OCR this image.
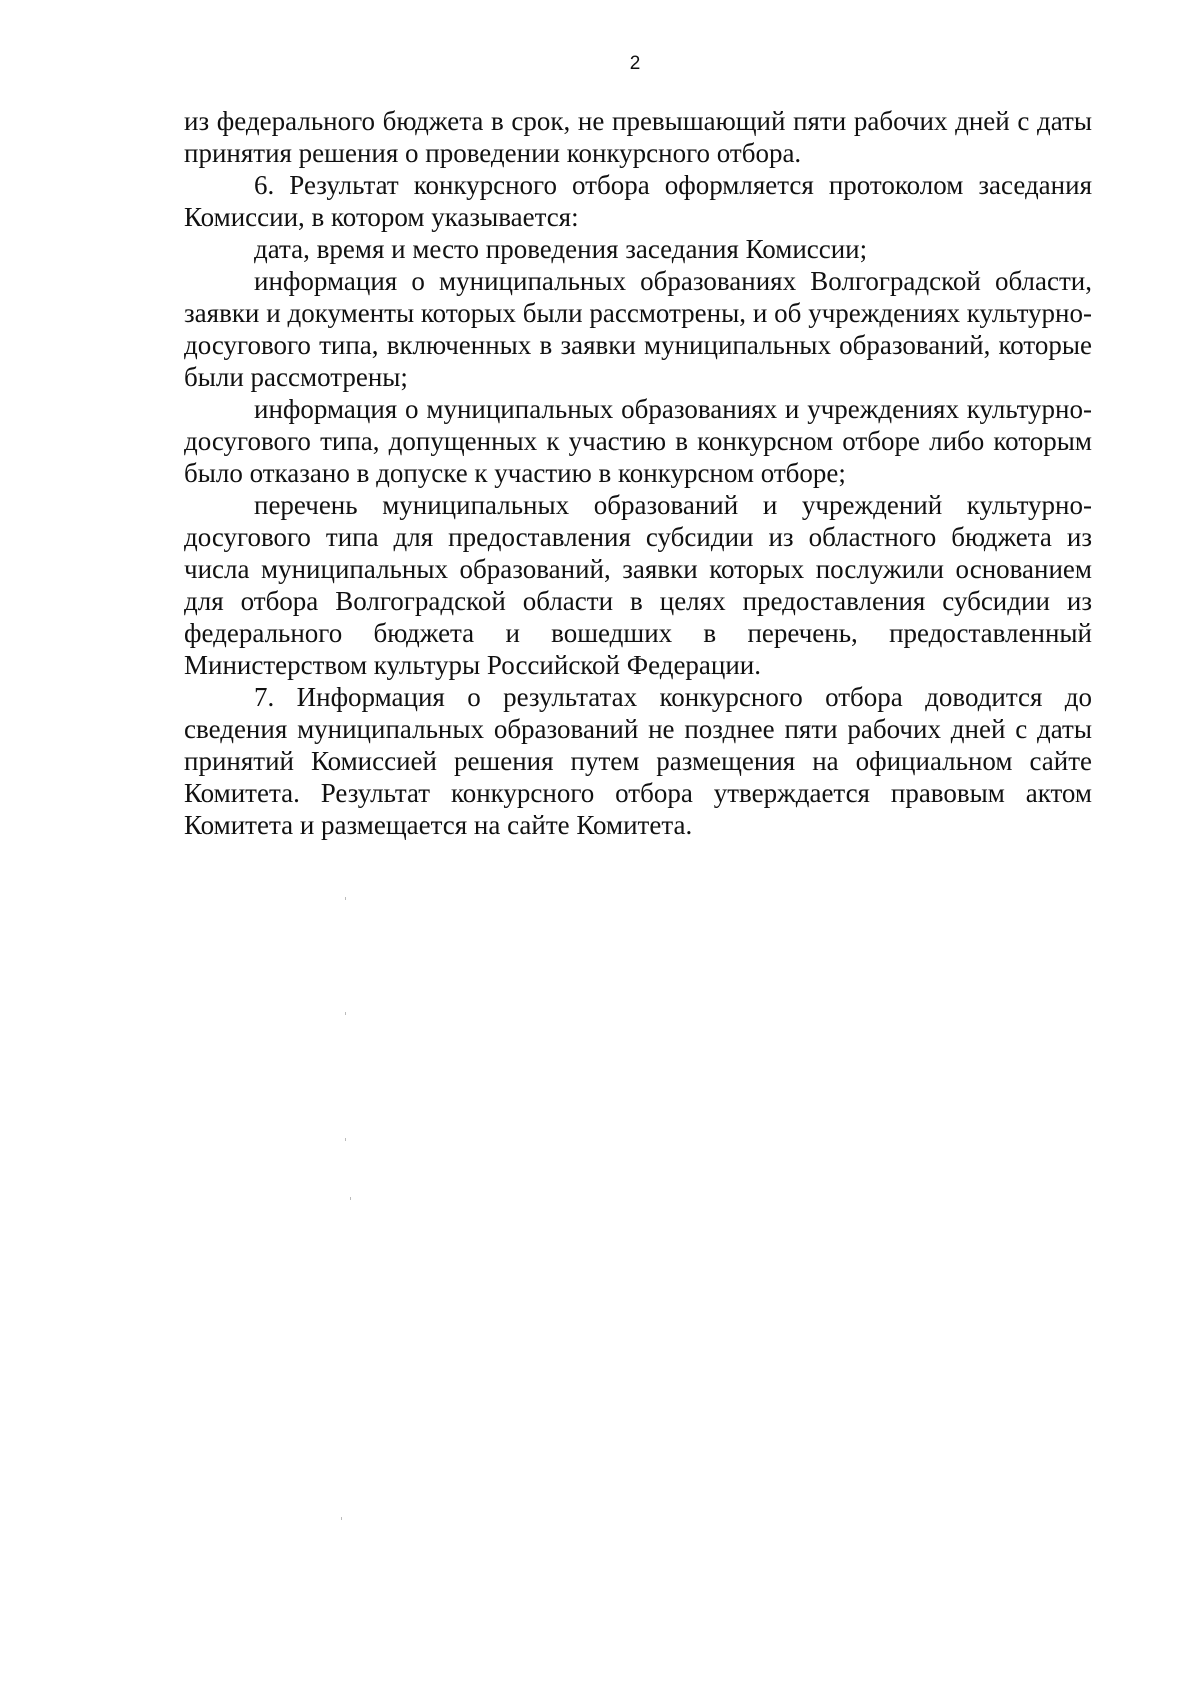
2

из федерального бюджета в срок, не превышающий пяти рабочих дней с даты принятия решения о проведении конкурсного отбора.

6. Результат конкурсного отбора оформляется протоколом заседания Комиссии, в котором указывается:

дата, время и место проведения заседания Комиссии;

информация о муниципальных образованиях Волгоградской области, заявки и документы которых были рассмотрены, и об учреждениях культурно-досугового типа, включенных в заявки муниципальных образований, которые были рассмотрены;

информация о муниципальных образованиях и учреждениях культурно-досугового типа, допущенных к участию в конкурсном отборе либо которым было отказано в допуске к участию в конкурсном отборе;

перечень муниципальных образований и учреждений культурно-досугового типа для предоставления субсидии из областного бюджета из числа муниципальных образований, заявки которых послужили основанием для отбора Волгоградской области в целях предоставления субсидии из федерального бюджета и вошедших в перечень, предоставленный Министерством культуры Российской Федерации.

7. Информация о результатах конкурсного отбора доводится до сведения муниципальных образований не позднее пяти рабочих дней с даты принятий Комиссией решения путем размещения на официальном сайте Комитета. Результат конкурсного отбора утверждается правовым актом Комитета и размещается на сайте Комитета.
